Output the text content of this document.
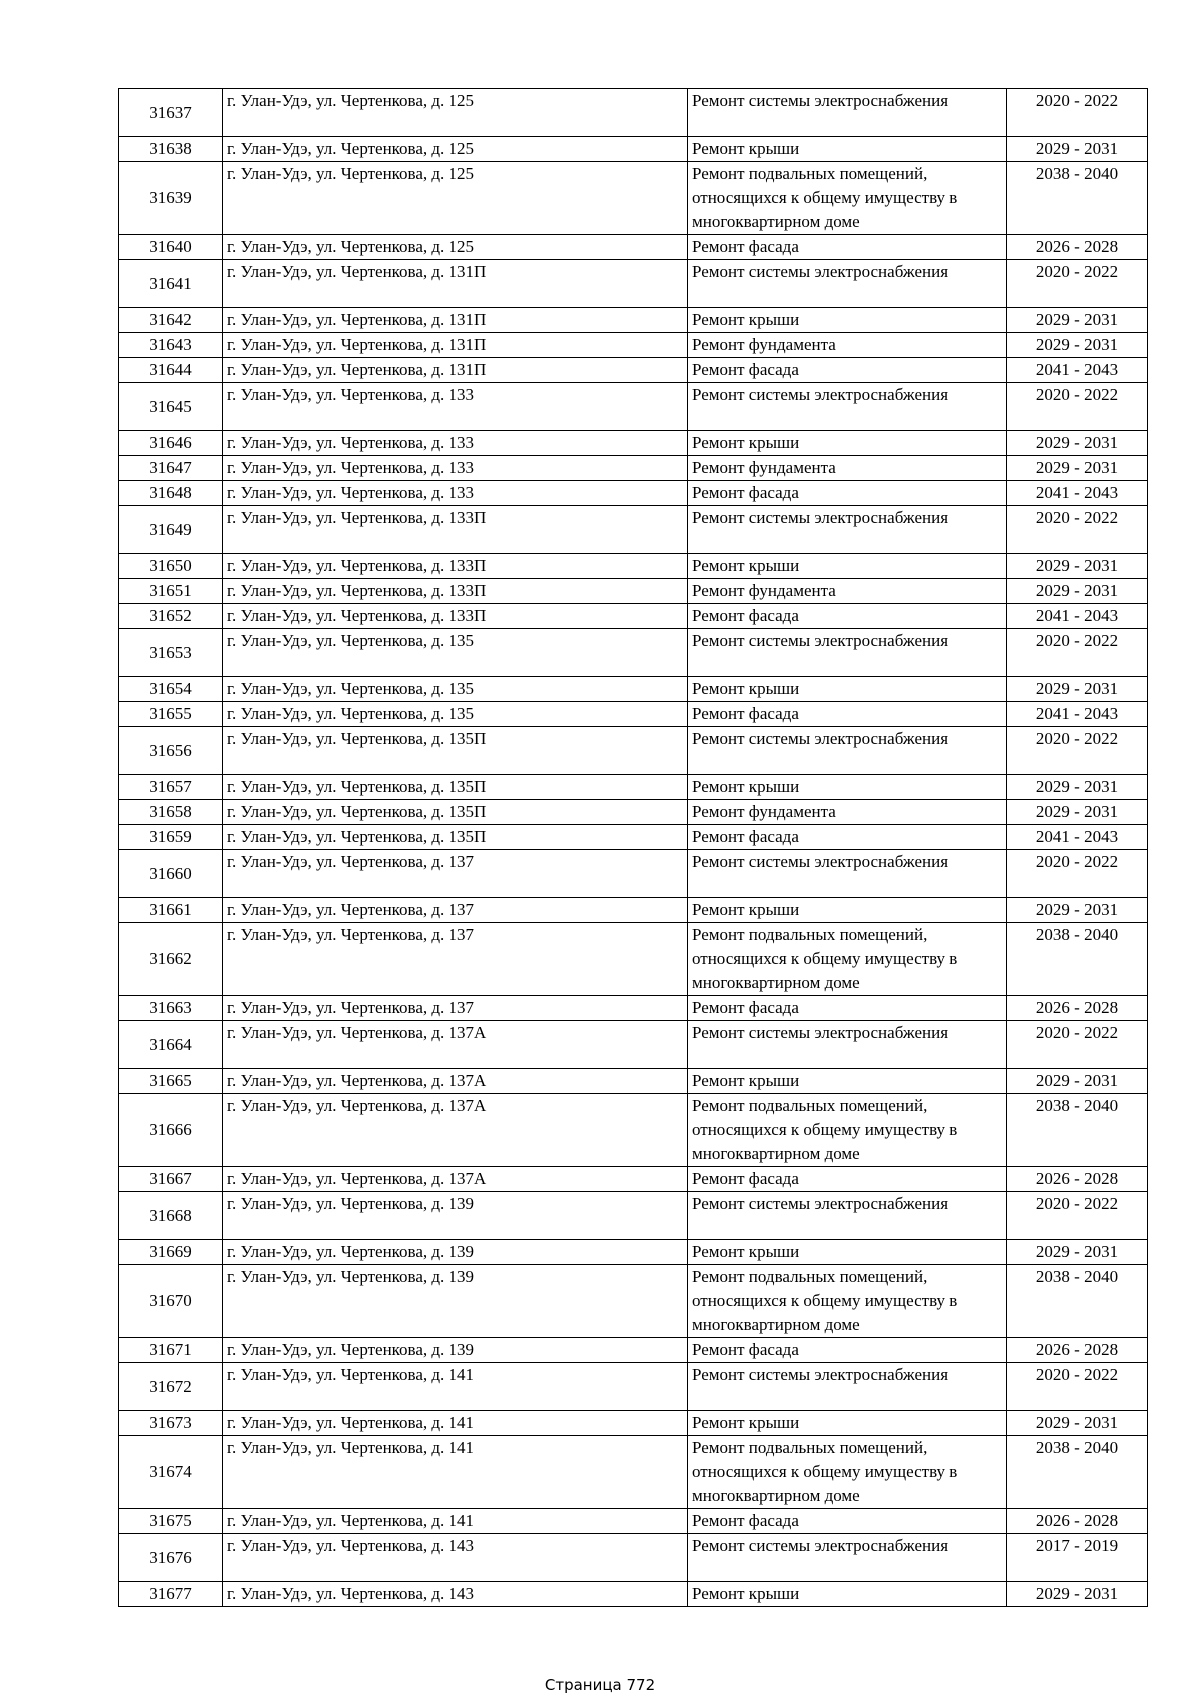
31637	г. Улан-Удэ, ул. Чертенкова, д. 125	Ремонт системы электроснабжения	2020 - 2022
31638	г. Улан-Удэ, ул. Чертенкова, д. 125	Ремонт крыши	2029 - 2031
31639	г. Улан-Удэ, ул. Чертенкова, д. 125	Ремонт подвальных помещений,
относящихся к общему имуществу в
многоквартирном доме	2038 - 2040
31640	г. Улан-Удэ, ул. Чертенкова, д. 125	Ремонт фасада	2026 - 2028
31641	г. Улан-Удэ, ул. Чертенкова, д. 131П	Ремонт системы электроснабжения	2020 - 2022
31642	г. Улан-Удэ, ул. Чертенкова, д. 131П	Ремонт крыши	2029 - 2031
31643	г. Улан-Удэ, ул. Чертенкова, д. 131П	Ремонт фундамента	2029 - 2031
31644	г. Улан-Удэ, ул. Чертенкова, д. 131П	Ремонт фасада	2041 - 2043
31645	г. Улан-Удэ, ул. Чертенкова, д. 133	Ремонт системы электроснабжения	2020 - 2022
31646	г. Улан-Удэ, ул. Чертенкова, д. 133	Ремонт крыши	2029 - 2031
31647	г. Улан-Удэ, ул. Чертенкова, д. 133	Ремонт фундамента	2029 - 2031
31648	г. Улан-Удэ, ул. Чертенкова, д. 133	Ремонт фасада	2041 - 2043
31649	г. Улан-Удэ, ул. Чертенкова, д. 133П	Ремонт системы электроснабжения	2020 - 2022
31650	г. Улан-Удэ, ул. Чертенкова, д. 133П	Ремонт крыши	2029 - 2031
31651	г. Улан-Удэ, ул. Чертенкова, д. 133П	Ремонт фундамента	2029 - 2031
31652	г. Улан-Удэ, ул. Чертенкова, д. 133П	Ремонт фасада	2041 - 2043
31653	г. Улан-Удэ, ул. Чертенкова, д. 135	Ремонт системы электроснабжения	2020 - 2022
31654	г. Улан-Удэ, ул. Чертенкова, д. 135	Ремонт крыши	2029 - 2031
31655	г. Улан-Удэ, ул. Чертенкова, д. 135	Ремонт фасада	2041 - 2043
31656	г. Улан-Удэ, ул. Чертенкова, д. 135П	Ремонт системы электроснабжения	2020 - 2022
31657	г. Улан-Удэ, ул. Чертенкова, д. 135П	Ремонт крыши	2029 - 2031
31658	г. Улан-Удэ, ул. Чертенкова, д. 135П	Ремонт фундамента	2029 - 2031
31659	г. Улан-Удэ, ул. Чертенкова, д. 135П	Ремонт фасада	2041 - 2043
31660	г. Улан-Удэ, ул. Чертенкова, д. 137	Ремонт системы электроснабжения	2020 - 2022
31661	г. Улан-Удэ, ул. Чертенкова, д. 137	Ремонт крыши	2029 - 2031
31662	г. Улан-Удэ, ул. Чертенкова, д. 137	Ремонт подвальных помещений,
относящихся к общему имуществу в
многоквартирном доме	2038 - 2040
31663	г. Улан-Удэ, ул. Чертенкова, д. 137	Ремонт фасада	2026 - 2028
31664	г. Улан-Удэ, ул. Чертенкова, д. 137А	Ремонт системы электроснабжения	2020 - 2022
31665	г. Улан-Удэ, ул. Чертенкова, д. 137А	Ремонт крыши	2029 - 2031
31666	г. Улан-Удэ, ул. Чертенкова, д. 137А	Ремонт подвальных помещений,
относящихся к общему имуществу в
многоквартирном доме	2038 - 2040
31667	г. Улан-Удэ, ул. Чертенкова, д. 137А	Ремонт фасада	2026 - 2028
31668	г. Улан-Удэ, ул. Чертенкова, д. 139	Ремонт системы электроснабжения	2020 - 2022
31669	г. Улан-Удэ, ул. Чертенкова, д. 139	Ремонт крыши	2029 - 2031
31670	г. Улан-Удэ, ул. Чертенкова, д. 139	Ремонт подвальных помещений,
относящихся к общему имуществу в
многоквартирном доме	2038 - 2040
31671	г. Улан-Удэ, ул. Чертенкова, д. 139	Ремонт фасада	2026 - 2028
31672	г. Улан-Удэ, ул. Чертенкова, д. 141	Ремонт системы электроснабжения	2020 - 2022
31673	г. Улан-Удэ, ул. Чертенкова, д. 141	Ремонт крыши	2029 - 2031
31674	г. Улан-Удэ, ул. Чертенкова, д. 141	Ремонт подвальных помещений,
относящихся к общему имуществу в
многоквартирном доме	2038 - 2040
31675	г. Улан-Удэ, ул. Чертенкова, д. 141	Ремонт фасада	2026 - 2028
31676	г. Улан-Удэ, ул. Чертенкова, д. 143	Ремонт системы электроснабжения	2017 - 2019
31677	г. Улан-Удэ, ул. Чертенкова, д. 143	Ремонт крыши	2029 - 2031
Страница 772
